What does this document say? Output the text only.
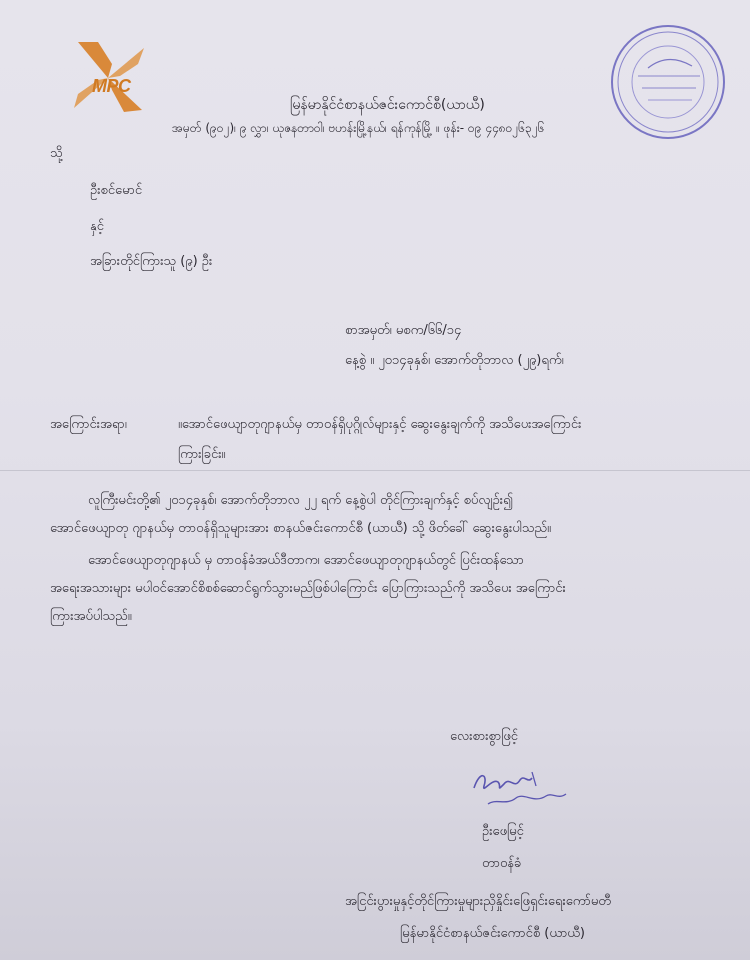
MPC
မြန်မာနိုင်ငံစာနယ်ဇင်းကောင်စီ(ယာယီ)
အမှတ် (၉၀၂)၊ ၉ လွှာ၊ ယုဇနတာဝါ၊ ဗဟန်းမြို့နယ်၊ ရန်ကုန်မြို့ ။ ဖုန်း- ၀၉ ၄၄၈၀၂၆၃၂၆
သို့
ဦးစင်မောင်
နှင့်
အခြားတိုင်ကြားသူ (၉) ဦး
စာအမှတ်၊ မစက/၆၆/၁၄
နေ့စွဲ ။ ၂၀၁၄ခုနှစ်၊ အောက်တိုဘာလ (၂၉)ရက်၊
အကြောင်းအရာ၊	။အောင်ဖေယျာတုဂျာနယ်မှ တာဝန်ရှိပုဂ္ဂိုလ်များနှင့် ဆွေးနွေးချက်ကို အသိပေးအကြောင်း
ကြားခြင်း။
လူကြီးမင်းတို့၏ ၂၀၁၄ခုနှစ်၊ အောက်တိုဘာလ ၂၂ ရက် နေ့စွဲပါ တိုင်ကြားချက်နှင့် စပ်လျဉ်း၍
အောင်ဖေယျာတု ဂျာနယ်မှ တာဝန်ရှိသူများအား စာနယ်ဇင်းကောင်စီ (ယာယီ) သို့ ဖိတ်ခေါ် ဆွေးနွေးပါသည်။
အောင်ဖေယျာတုဂျာနယ် မှ တာဝန်ခံအယ်ဒီတာက၊ အောင်ဖေယျာတုဂျာနယ်တွင် ပြင်းထန်သော
အရေးအသားများ မပါဝင်အောင်စိစစ်ဆောင်ရွက်သွားမည်ဖြစ်ပါကြောင်း ပြောကြားသည်ကို အသိပေး အကြောင်း
ကြားအပ်ပါသည်။
လေးစားစွာဖြင့်
ဦးဖေမြင့်
တာဝန်ခံ
အငြင်းပွားမှုနှင့်တိုင်ကြားမှုများညှိနှိုင်းဖြေရှင်းရေးကော်မတီ
မြန်မာနိုင်ငံစာနယ်ဇင်းကောင်စီ (ယာယီ)
